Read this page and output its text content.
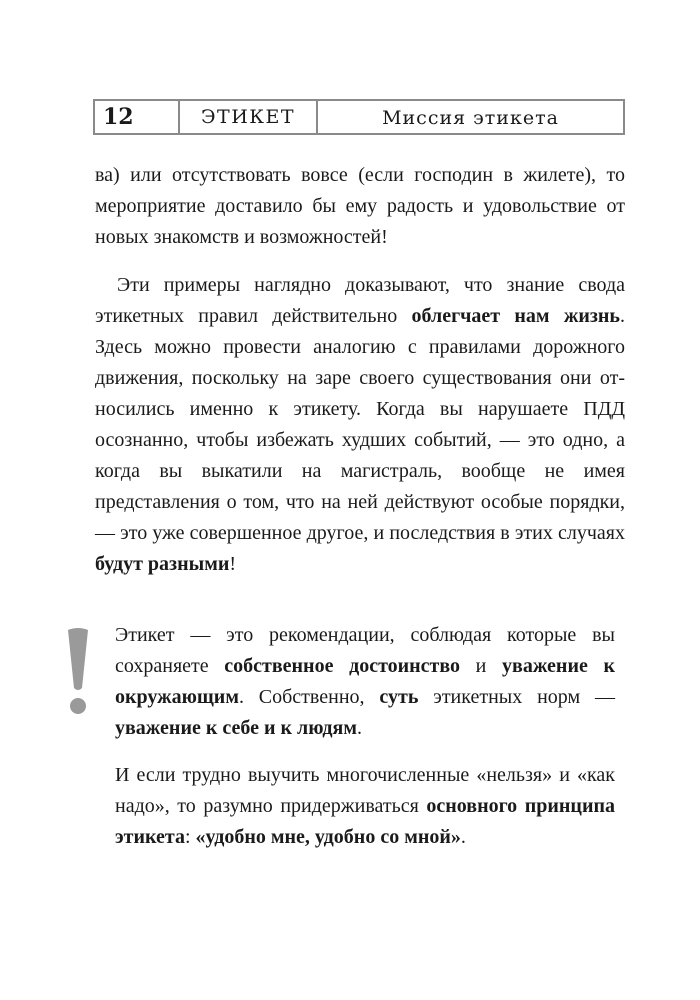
12	ЭТИКЕТ	Миссия этикета
ва) или отсутствовать вовсе (если господин в жилете), то мероприятие доставило бы ему радость и удовольствие от новых знакомств и возможностей!
Эти примеры наглядно доказывают, что знание свода этикетных правил действительно облегчает нам жизнь. Здесь можно провести аналогию с правилами дорожного движения, поскольку на заре своего существования они относились именно к этикету. Когда вы нарушаете ПДД осознанно, чтобы избежать худших событий, — это одно, а когда вы выкатили на магистраль, вообще не имея представления о том, что на ней действуют особые порядки, — это уже совершенное другое, и последствия в этих случаях будут разными!
Этикет — это рекомендации, соблюдая которые вы сохраняете собственное достоинство и уважение к окружающим. Собственно, суть этикетных норм — уважение к себе и к людям.
И если трудно выучить многочисленные «нельзя» и «как надо», то разумно придерживаться основного принципа этикета: «удобно мне, удобно со мной».
